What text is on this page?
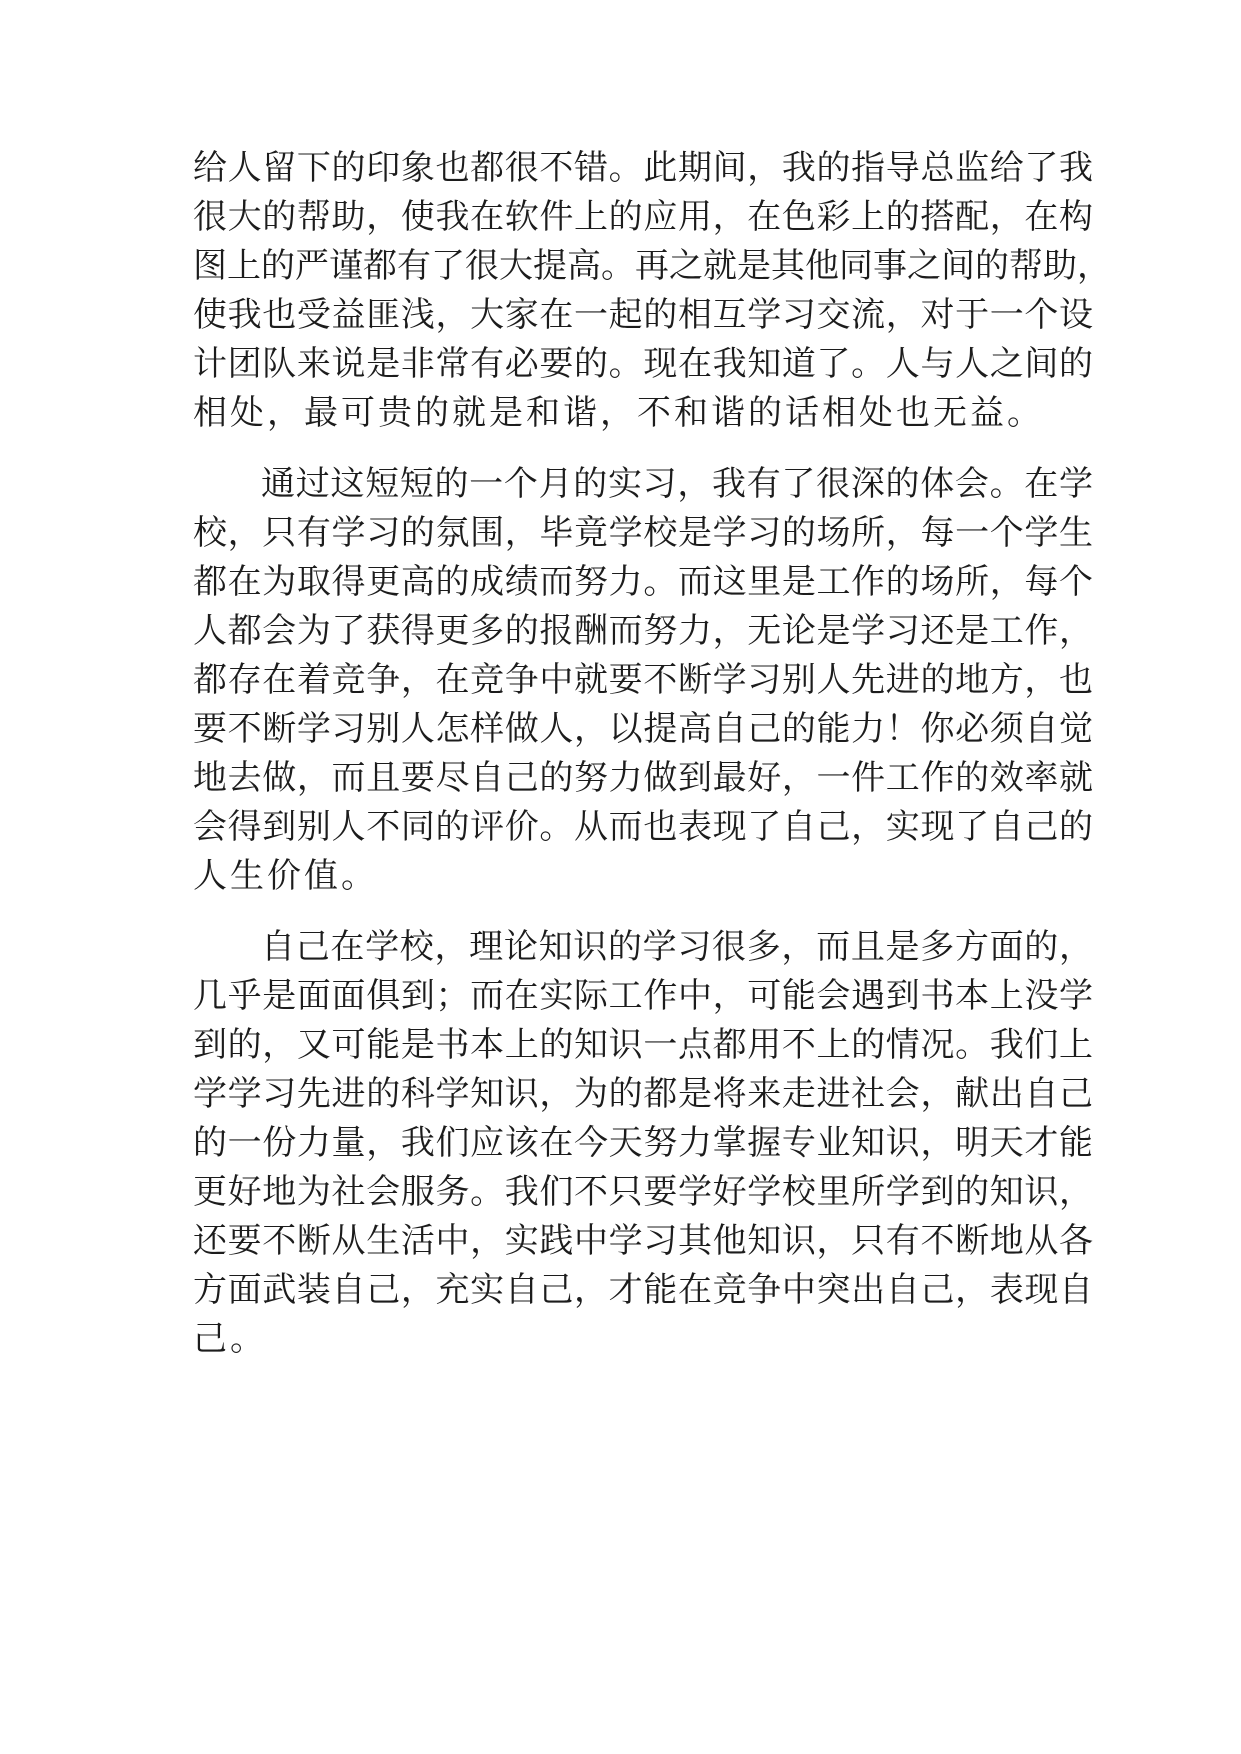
给人留下的印象也都很不错。此期间，我的指导总监给了我
很大的帮助，使我在软件上的应用，在色彩上的搭配，在构
图上的严谨都有了很大提高。再之就是其他同事之间的帮助，
使我也受益匪浅，大家在一起的相互学习交流，对于一个设
计团队来说是非常有必要的。现在我知道了。人与人之间的
相处，最可贵的就是和谐，不和谐的话相处也无益。
通过这短短的一个月的实习，我有了很深的体会。在学
校，只有学习的氛围，毕竟学校是学习的场所，每一个学生
都在为取得更高的成绩而努力。而这里是工作的场所，每个
人都会为了获得更多的报酬而努力，无论是学习还是工作，
都存在着竞争，在竞争中就要不断学习别人先进的地方，也
要不断学习别人怎样做人，以提高自己的能力！你必须自觉
地去做，而且要尽自己的努力做到最好，一件工作的效率就
会得到别人不同的评价。从而也表现了自己，实现了自己的
人生价值。
自己在学校，理论知识的学习很多，而且是多方面的，
几乎是面面俱到；而在实际工作中，可能会遇到书本上没学
到的，又可能是书本上的知识一点都用不上的情况。我们上
学学习先进的科学知识，为的都是将来走进社会，献出自己
的一份力量，我们应该在今天努力掌握专业知识，明天才能
更好地为社会服务。我们不只要学好学校里所学到的知识，
还要不断从生活中，实践中学习其他知识，只有不断地从各
方面武装自己，充实自己，才能在竞争中突出自己，表现自
己。
